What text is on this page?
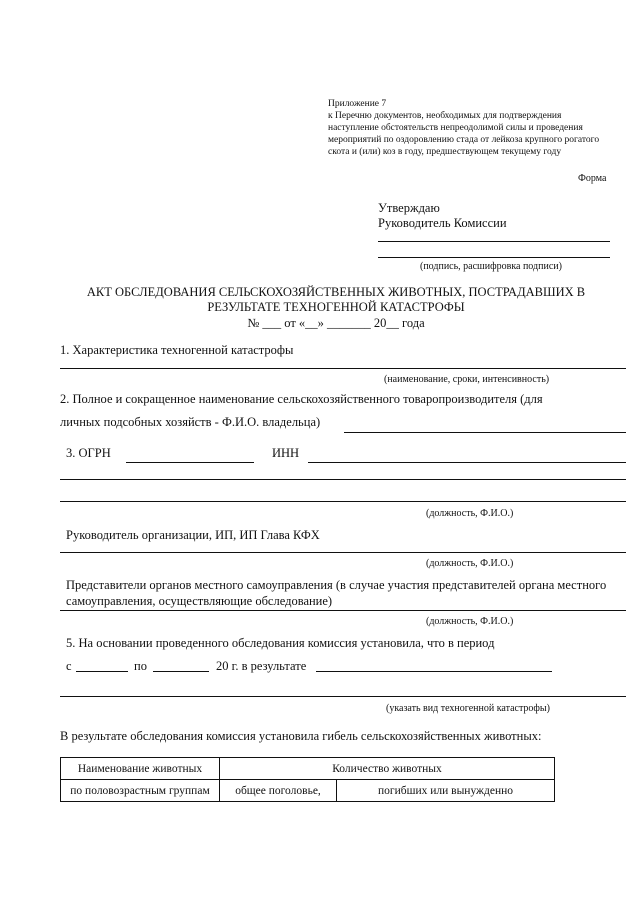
Приложение 7
к Перечню документов, необходимых для подтверждения наступление обстоятельств непреодолимой силы и проведения мероприятий по оздоровлению стада от лейкоза крупного рогатого скота и (или) коз в году, предшествующем текущему году
Форма
Утверждаю
Руководитель Комиссии
(подпись, расшифровка подписи)
АКТ ОБСЛЕДОВАНИЯ СЕЛЬСКОХОЗЯЙСТВЕННЫХ ЖИВОТНЫХ, ПОСТРАДАВШИХ В
РЕЗУЛЬТАТЕ ТЕХНОГЕННОЙ КАТАСТРОФЫ
№ ___ от «__» _______ 20__ года
1. Характеристика техногенной катастрофы
(наименование, сроки, интенсивность)
2. Полное и сокращенное наименование сельскохозяйственного товаропроизводителя (для
личных подсобных хозяйств - Ф.И.О. владельца)
3. ОГРН	ИНН
(должность, Ф.И.О.)
Руководитель организации, ИП, ИП Глава КФХ
(должность, Ф.И.О.)
Представители органов местного самоуправления (в случае участия представителей органа местного
самоуправления, осуществляющие обследование)
(должность, Ф.И.О.)
5. На основании проведенного обследования комиссия установила, что в период
с	по	20 г. в результате
(указать вид техногенной катастрофы)
В результате обследования комиссия установила гибель сельскохозяйственных животных:
Наименование животных	Количество животных	
по половозрастным группам	общее поголовье,	погибших или вынужденно
